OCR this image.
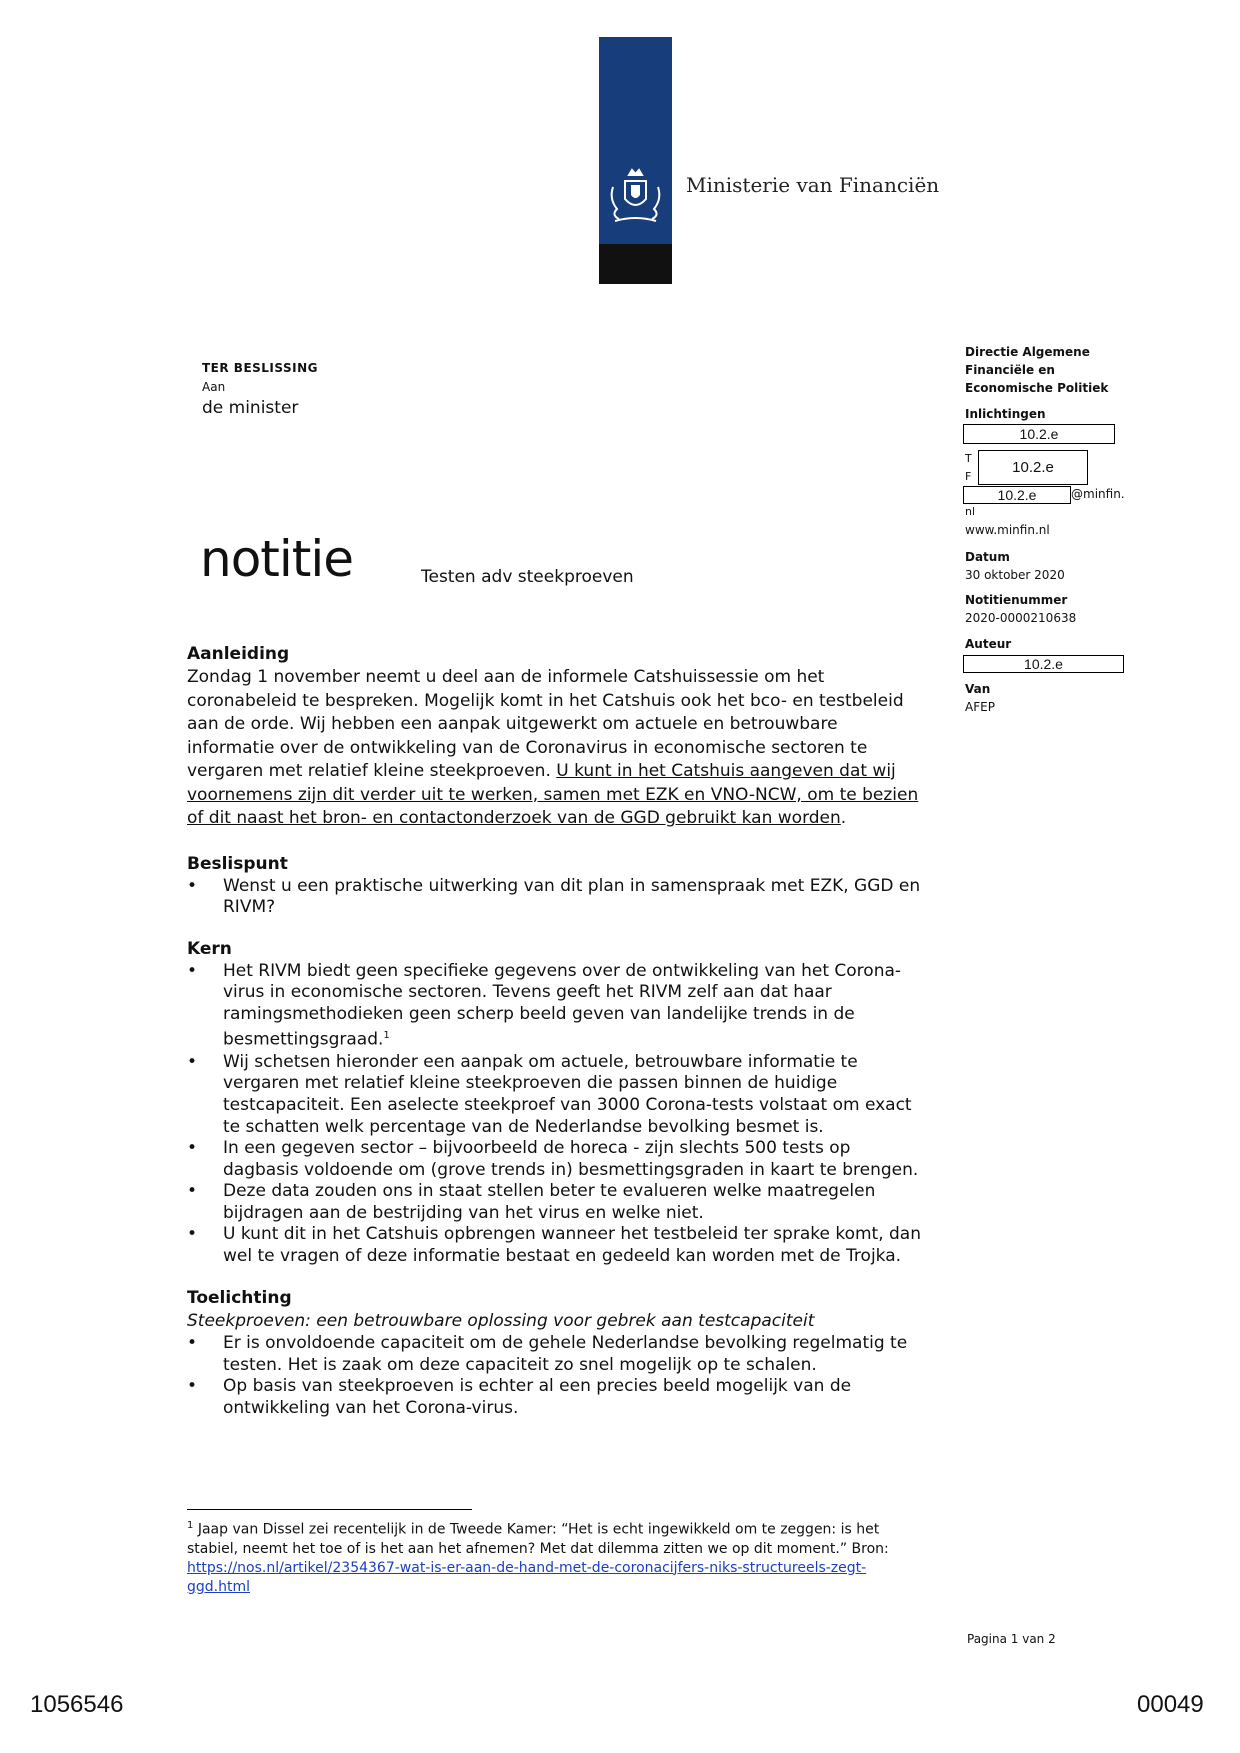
Ministerie van Financiën
TER BESLISSING
Aan
de minister
notitie	Testen adv steekproeven
Directie Algemene
Financiële en
Economische Politiek
Inlichtingen
10.2.e
T
F
10.2.e
10.2.e	@minfin.
nl
www.minfin.nl
Datum
30 oktober 2020
Notitienummer
2020-0000210638
Auteur
10.2.e
Van
AFEP
Aanleiding

Zondag 1 november neemt u deel aan de informele Catshuissessie om het coronabeleid te bespreken. Mogelijk komt in het Catshuis ook het bco- en testbeleid aan de orde. Wij hebben een aanpak uitgewerkt om actuele en betrouwbare informatie over de ontwikkeling van de Coronavirus in economische sectoren te vergaren met relatief kleine steekproeven. U kunt in het Catshuis aangeven dat wij voornemens zijn dit verder uit te werken, samen met EZK en VNO-NCW, om te bezien of dit naast het bron- en contactonderzoek van de GGD gebruikt kan worden.

Beslispunt
• Wenst u een praktische uitwerking van dit plan in samenspraak met EZK, GGD en RIVM?
Kern
• Het RIVM biedt geen specifieke gegevens over de ontwikkeling van het Corona-virus in economische sectoren. Tevens geeft het RIVM zelf aan dat haar ramingsmethodieken geen scherp beeld geven van landelijke trends in de besmettingsgraad.$^1$
• Wij schetsen hieronder een aanpak om actuele, betrouwbare informatie te vergaren met relatief kleine steekproeven die passen binnen de huidige testcapaciteit. Een aselecte steekproef van 3000 Corona-tests volstaat om exact te schatten welk percentage van de Nederlandse bevolking besmet is.
• In een gegeven sector – bijvoorbeeld de horeca - zijn slechts 500 tests op dagbasis voldoende om (grove trends in) besmettingsgraden in kaart te brengen.
• Deze data zouden ons in staat stellen beter te evalueren welke maatregelen bijdragen aan de bestrijding van het virus en welke niet.
• U kunt dit in het Catshuis opbrengen wanneer het testbeleid ter sprake komt, dan wel te vragen of deze informatie bestaat en gedeeld kan worden met de Trojka.
Toelichting

Steekproeven: een betrouwbare oplossing voor gebrek aan testcapaciteit

• Er is onvoldoende capaciteit om de gehele Nederlandse bevolking regelmatig te testen. Het is zaak om deze capaciteit zo snel mogelijk op te schalen.
• Op basis van steekproeven is echter al een precies beeld mogelijk van de ontwikkeling van het Corona-virus.
$^1$ Jaap van Dissel zei recentelijk in de Tweede Kamer: “Het is echt ingewikkeld om te zeggen: is het stabiel, neemt het toe of is het aan het afnemen? Met dat dilemma zitten we op dit moment.” Bron: https://nos.nl/artikel/2354367-wat-is-er-aan-de-hand-met-de-coronacijfers-niks-structureels-zegt-ggd.html
Pagina 1 van 2
1056546	00049
